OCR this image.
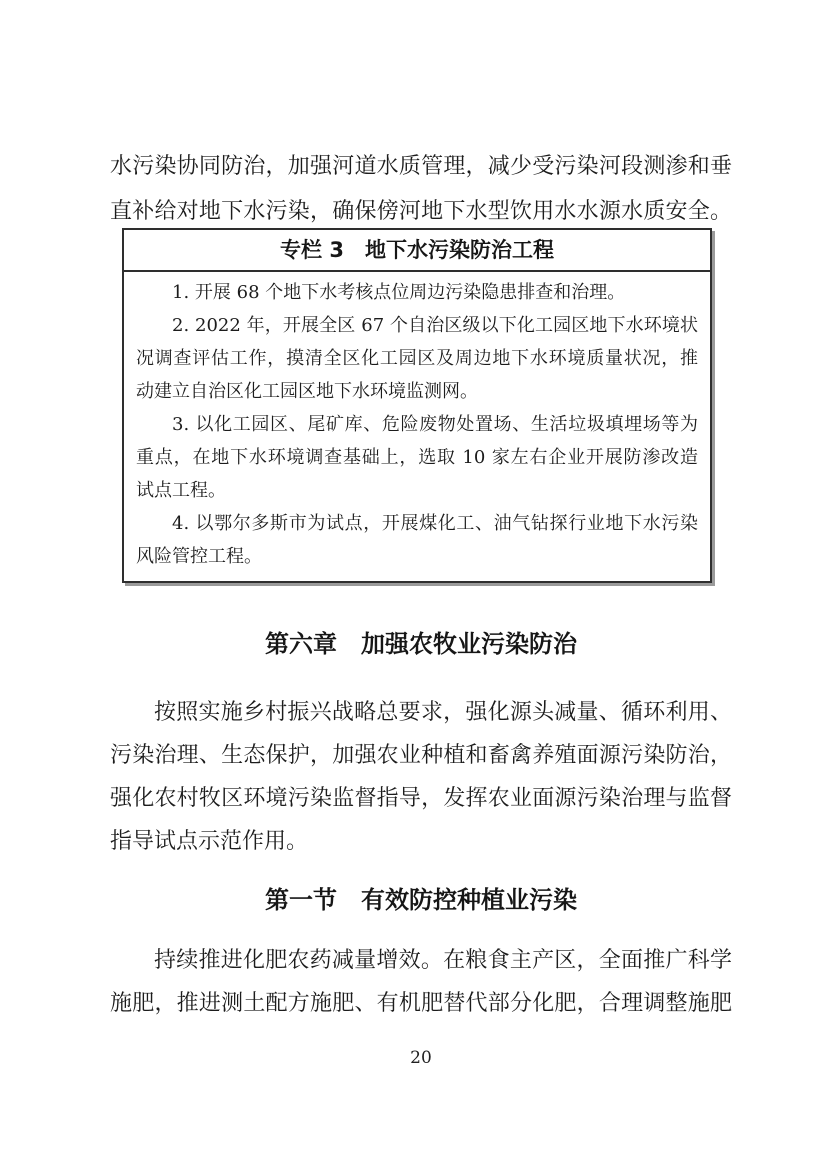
水污染协同防治，加强河道水质管理，减少受污染河段测渗和垂
直补给对地下水污染，确保傍河地下水型饮用水水源水质安全。
专栏 3　地下水污染防治工程
1. 开展 68 个地下水考核点位周边污染隐患排查和治理。
2. 2022 年，开展全区 67 个自治区级以下化工园区地下水环境状
况调查评估工作，摸清全区化工园区及周边地下水环境质量状况，推
动建立自治区化工园区地下水环境监测网。
3. 以化工园区、尾矿库、危险废物处置场、生活垃圾填埋场等为
重点，在地下水环境调查基础上，选取 10 家左右企业开展防渗改造
试点工程。
4. 以鄂尔多斯市为试点，开展煤化工、油气钻探行业地下水污染
风险管控工程。
第六章　加强农牧业污染防治
按照实施乡村振兴战略总要求，强化源头减量、循环利用、
污染治理、生态保护，加强农业种植和畜禽养殖面源污染防治，
强化农村牧区环境污染监督指导，发挥农业面源污染治理与监督
指导试点示范作用。
第一节　有效防控种植业污染
持续推进化肥农药减量增效。在粮食主产区，全面推广科学
施肥，推进测土配方施肥、有机肥替代部分化肥，合理调整施肥
20
